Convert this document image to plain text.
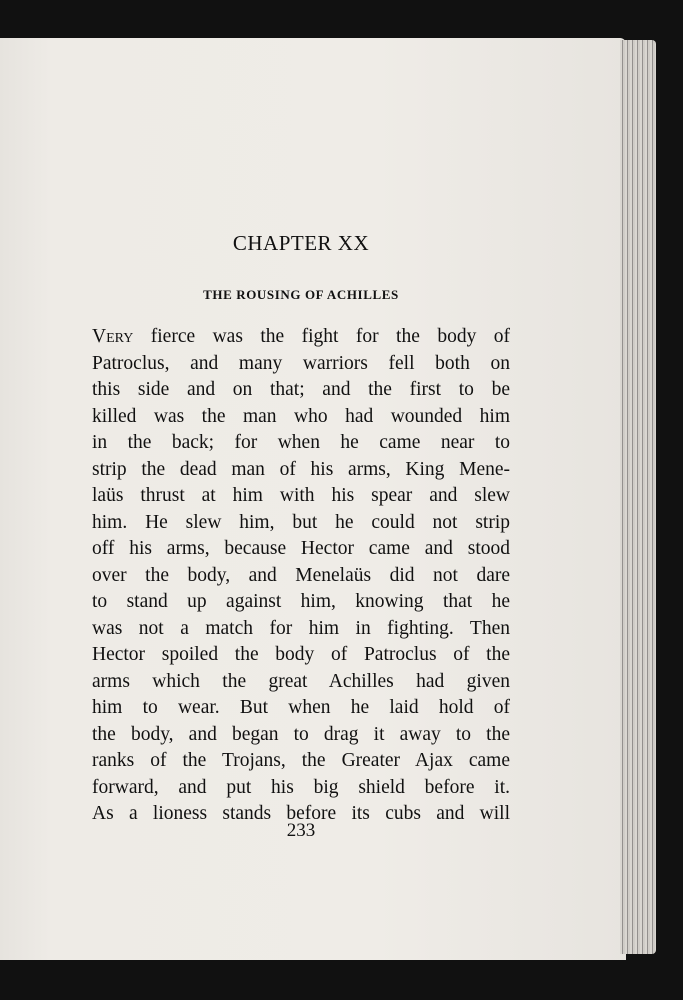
CHAPTER XX
THE ROUSING OF ACHILLES
Very fierce was the fight for the body of
Patroclus, and many warriors fell both on
this side and on that; and the first to be
killed was the man who had wounded him
in the back; for when he came near to
strip the dead man of his arms, King Mene-
laüs thrust at him with his spear and slew
him. He slew him, but he could not strip
off his arms, because Hector came and stood
over the body, and Menelaüs did not dare
to stand up against him, knowing that he
was not a match for him in fighting. Then
Hector spoiled the body of Patroclus of the
arms which the great Achilles had given
him to wear. But when he laid hold of
the body, and began to drag it away to the
ranks of the Trojans, the Greater Ajax came
forward, and put his big shield before it.
As a lioness stands before its cubs and will
233
